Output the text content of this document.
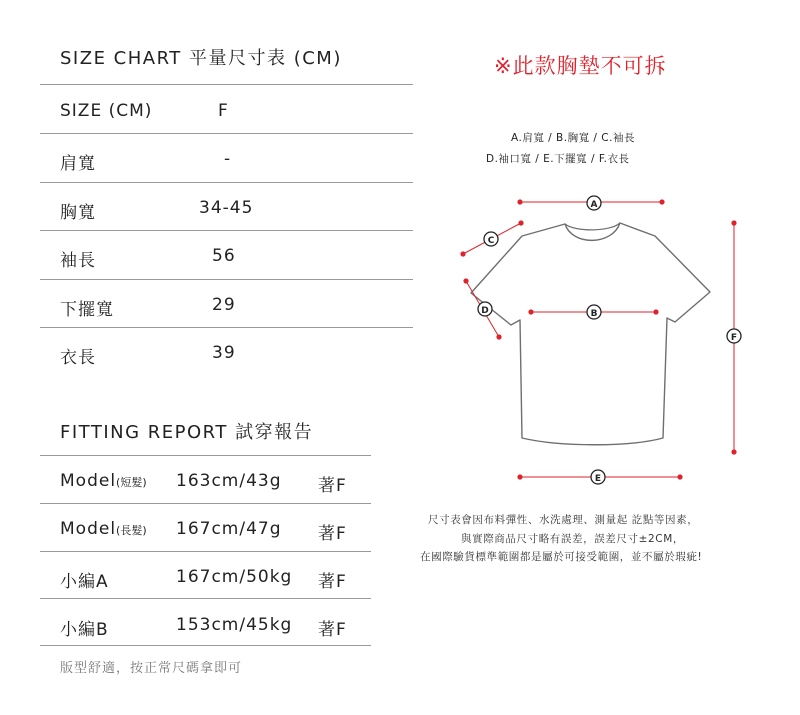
SIZE CHART 平量尺寸表 (CM)
SIZE (CM)	F
肩寬	-
胸寬	34-45
袖長	56
下擺寬	29
衣長	39
FITTING REPORT 試穿報告
Model(短髮) 163cm/43g 著F
Model(長髮) 167cm/47g 著F
小編A	167cm/50kg 著F
小編B	153cm/45kg 著F
版型舒適，按正常尺碼拿即可
※此款胸墊不可拆
A.肩寬 / B.胸寬 / C.袖長
D.袖口寬 / E.下擺寬 / F.衣長
A
C
D	B
F
E
尺寸表會因布料彈性、水洗處理、測量起 訖點等因素，
與實際商品尺寸略有誤差，誤差尺寸±2CM，
在國際驗貨標準範圍都是屬於可接受範圍，並不屬於瑕疵!
